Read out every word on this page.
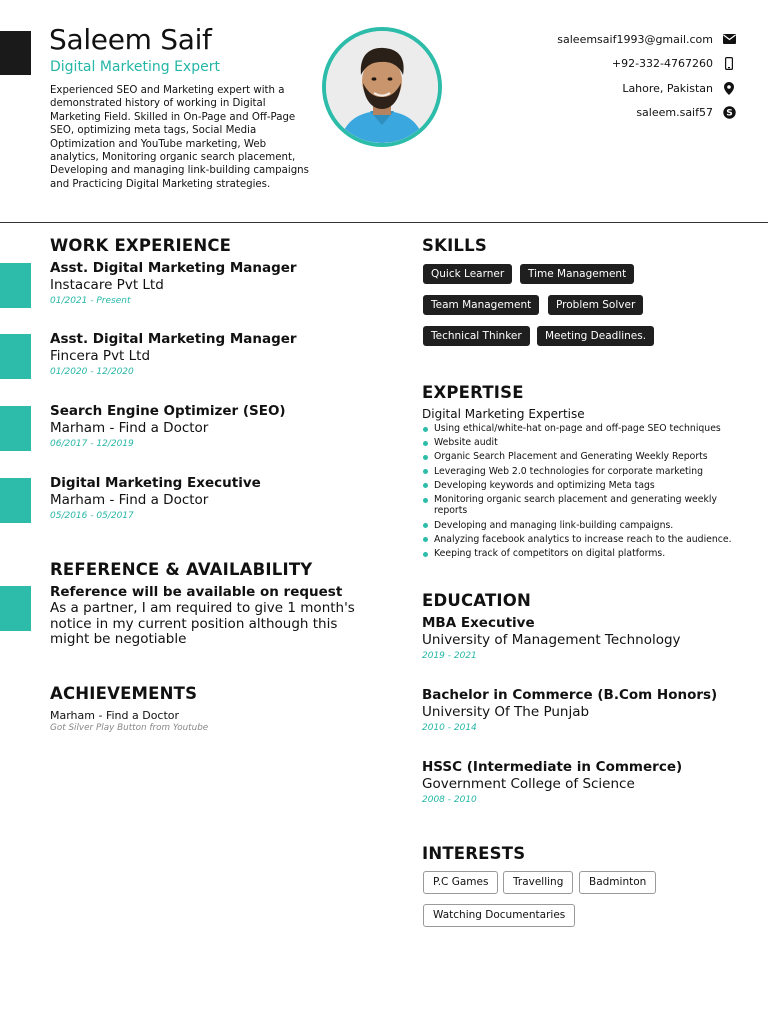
Saleem Saif
Digital Marketing Expert
Experienced SEO and Marketing expert with a demonstrated history of working in Digital Marketing Field. Skilled in On-Page and Off-Page SEO, optimizing meta tags, Social Media Optimization and YouTube marketing, Web analytics, Monitoring organic search placement, Developing and managing link-building campaigns and Practicing Digital Marketing strategies.
saleemsaif1993@gmail.com
+92-332-4767260
Lahore, Pakistan
saleem.saif57 S
WORK EXPERIENCE
Asst. Digital Marketing Manager
Instacare Pvt Ltd
01/2021 - Present
Asst. Digital Marketing Manager
Fincera Pvt Ltd
01/2020 - 12/2020
Search Engine Optimizer (SEO)
Marham - Find a Doctor
06/2017 - 12/2019
Digital Marketing Executive
Marham - Find a Doctor
05/2016 - 05/2017
REFERENCE & AVAILABILITY
Reference will be available on request
As a partner, I am required to give 1 month's notice in my current position although this might be negotiable
ACHIEVEMENTS
Marham - Find a Doctor
Got Silver Play Button from Youtube
SKILLS
Quick Learner	Time Management
Team Management	Problem Solver
Technical Thinker	Meeting Deadlines.
EXPERTISE
Digital Marketing Expertise
Using ethical/white-hat on-page and off-page SEO techniques
Website audit
Organic Search Placement and Generating Weekly Reports
Leveraging Web 2.0 technologies for corporate marketing
Developing keywords and optimizing Meta tags
Monitoring organic search placement and generating weekly reports
Developing and managing link-building campaigns.
Analyzing facebook analytics to increase reach to the audience.
Keeping track of competitors on digital platforms.
EDUCATION
MBA Executive
University of Management Technology
2019 - 2021
Bachelor in Commerce (B.Com Honors)
University Of The Punjab
2010 - 2014
HSSC (Intermediate in Commerce)
Government College of Science
2008 - 2010
INTERESTS
P.C Games	Travelling	Badminton
Watching Documentaries
